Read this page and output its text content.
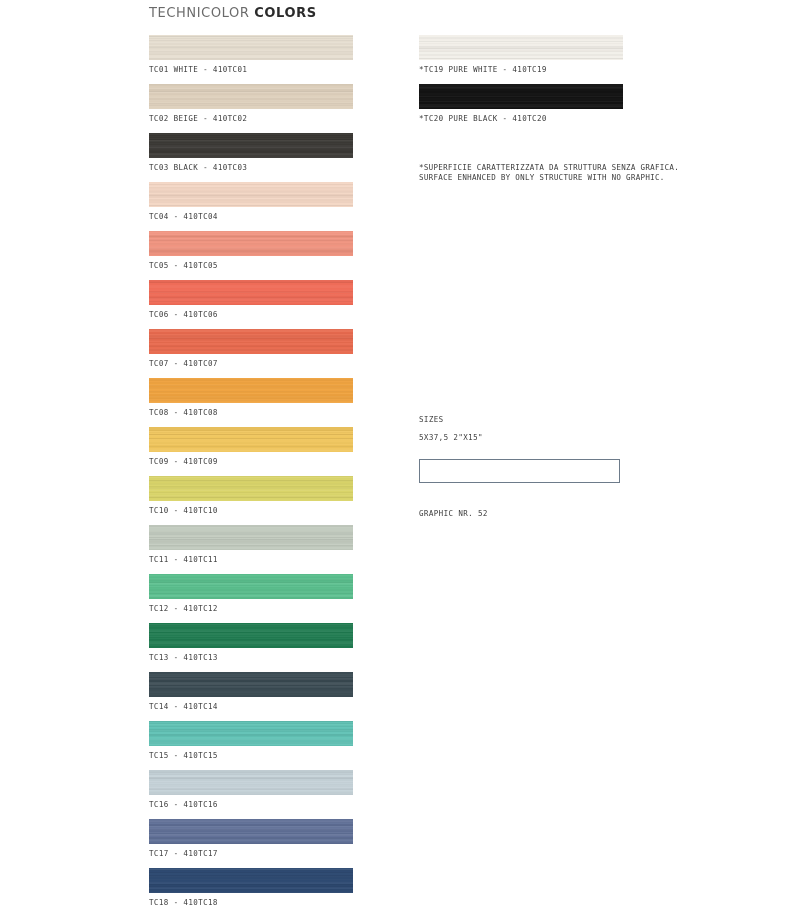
TECHNICOLOR COLORS
TC01 WHITE - 410TC01
TC02 BEIGE - 410TC02
TC03 BLACK - 410TC03
TC04 - 410TC04
TC05 - 410TC05
TC06 - 410TC06
TC07 - 410TC07
TC08 - 410TC08
TC09 - 410TC09
TC10 - 410TC10
TC11 - 410TC11
TC12 - 410TC12
TC13 - 410TC13
TC14 - 410TC14
TC15 - 410TC15
TC16 - 410TC16
TC17 - 410TC17
TC18 - 410TC18
*TC19 PURE WHITE - 410TC19
*TC20 PURE BLACK - 410TC20
*SUPERFICIE CARATTERIZZATA DA STRUTTURA SENZA GRAFICA.
SURFACE ENHANCED BY ONLY STRUCTURE WITH NO GRAPHIC.
SIZES
5X37,5 2"X15"
GRAPHIC NR. 52
